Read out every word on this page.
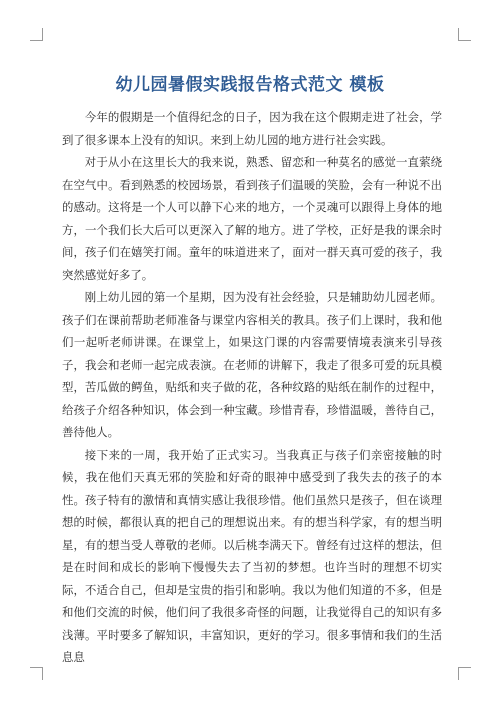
幼儿园暑假实践报告格式范文 模板

今年的假期是一个值得纪念的日子，因为我在这个假期走进了社会，学到了很多课本上没有的知识。来到上幼儿园的地方进行社会实践。

对于从小在这里长大的我来说，熟悉、留恋和一种莫名的感觉一直萦绕在空气中。看到熟悉的校园场景，看到孩子们温暖的笑脸，会有一种说不出的感动。这将是一个人可以静下心来的地方，一个灵魂可以跟得上身体的地方，一个我们长大后可以更深入了解的地方。进了学校，正好是我的课余时间，孩子们在嬉笑打闹。童年的味道进来了，面对一群天真可爱的孩子，我突然感觉好多了。

刚上幼儿园的第一个星期，因为没有社会经验，只是辅助幼儿园老师。孩子们在课前帮助老师准备与课堂内容相关的教具。孩子们上课时，我和他们一起听老师讲课。在课堂上，如果这门课的内容需要情境表演来引导孩子，我会和老师一起完成表演。在老师的讲解下，我走了很多可爱的玩具模型，苦瓜做的鳄鱼，贴纸和夹子做的花，各种纹路的贴纸在制作的过程中，给孩子介绍各种知识，体会到一种宝藏。珍惜青春，珍惜温暖，善待自己，善待他人。

接下来的一周，我开始了正式实习。当我真正与孩子们亲密接触的时候，我在他们天真无邪的笑脸和好奇的眼神中感受到了我失去的孩子的本性。孩子特有的激情和真情实感让我很珍惜。他们虽然只是孩子，但在谈理想的时候，都很认真的把自己的理想说出来。有的想当科学家，有的想当明星，有的想当受人尊敬的老师。以后桃李满天下。曾经有过这样的想法，但是在时间和成长的影响下慢慢失去了当初的梦想。也许当时的理想不切实际，不适合自己，但却是宝贵的指引和影响。我以为他们知道的不多，但是和他们交流的时候，他们问了我很多奇怪的问题，让我觉得自己的知识有多浅薄。平时要多了解知识，丰富知识，更好的学习。很多事情和我们的生活息息
